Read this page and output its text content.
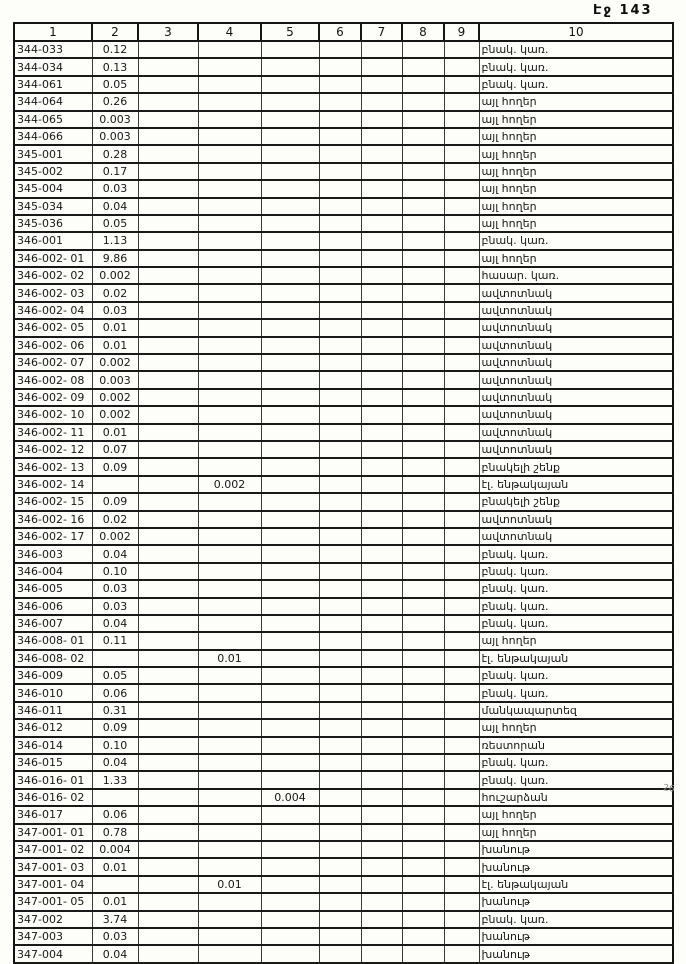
Էջ 143
1	2	3	4	5	6	7	8	9	10
344-033	0.12								բնակ. կառ.
344-034	0.13								բնակ. կառ.
344-061	0.05								բնակ. կառ.
344-064	0.26								այլ հողեր
344-065	0.003								այլ հողեր
344-066	0.003								այլ հողեր
345-001	0.28								այլ հողեր
345-002	0.17								այլ հողեր
345-004	0.03								այլ հողեր
345-034	0.04								այլ հողեր
345-036	0.05								այլ հողեր
346-001	1.13								բնակ. կառ.
346-002- 01	9.86								այլ հողեր
346-002- 02	0.002								հասար. կառ.
346-002- 03	0.02								ավտոտնակ
346-002- 04	0.03								ավտոտնակ
346-002- 05	0.01								ավտոտնակ
346-002- 06	0.01								ավտոտնակ
346-002- 07	0.002								ավտոտնակ
346-002- 08	0.003								ավտոտնակ
346-002- 09	0.002								ավտոտնակ
346-002- 10	0.002								ավտոտնակ
346-002- 11	0.01								ավտոտնակ
346-002- 12	0.07								ավտոտնակ
346-002- 13	0.09								բնակելի շենք
346-002- 14			0.002						էլ. ենթակայան
346-002- 15	0.09								բնակելի շենք
346-002- 16	0.02								ավտոտնակ
346-002- 17	0.002								ավտոտնակ
346-003	0.04								բնակ. կառ.
346-004	0.10								բնակ. կառ.
346-005	0.03								բնակ. կառ.
346-006	0.03								բնակ. կառ.
346-007	0.04								բնակ. կառ.
346-008- 01	0.11								այլ հողեր
346-008- 02			0.01						էլ. ենթակայան
346-009	0.05								բնակ. կառ.
346-010	0.06								բնակ. կառ.
346-011	0.31								մանկապարտեզ
346-012	0.09								այլ հողեր
346-014	0.10								ռեստորան
346-015	0.04								բնակ. կառ.
346-016- 01	1.33								բնակ. կառ.
346-016- 02				0.004					հուշարձան
346-017	0.06								այլ հողեր
347-001- 01	0.78								այլ հողեր
347-001- 02	0.004								խանութ
347-001- 03	0.01								խանութ
347-001- 04			0.01						էլ. ենթակայան
347-001- 05	0.01								խանութ
347-002	3.74								բնակ. կառ.
347-003	0.03								խանութ
347-004	0.04								խանութ
26
